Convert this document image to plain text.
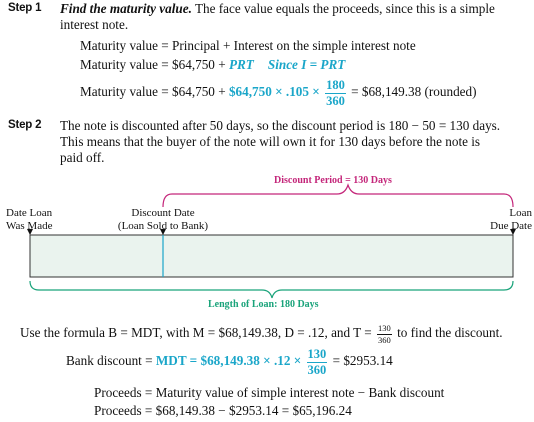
Step 1 Find the maturity value. The face value equals the proceeds, since this is a simple
interest note.
Maturity value = Principal + Interest on the simple interest note
Maturity value = $64,750 + PRT Since I = PRT
Maturity value = $64,750 + $64,750 × $.105 \times \frac{180}{360}$ = $68,149.38 (rounded)
Step 2 The note is discounted after 50 days, so the discount period is 180 − 50 = 130 days.
This means that the buyer of the note will own it for 130 days before the note is
paid off.
Discount Period = 130 Days
Date Loan
Was Made
Discount Date
(Loan Sold to Bank)
Loan
Due Date
Length of Loan: 180 Days
Use the formula B = MDT, with M = $68,149.38, D = .12, and $T = \frac{130}{360}$ to find the discount.
Bank discount = MDT = $68,149.38 × $.12 \times \frac{130}{360}$ = $2953.14
Proceeds = Maturity value of simple interest note − Bank discount
Proceeds = $68,149.38 − $2953.14 = $65,196.24
